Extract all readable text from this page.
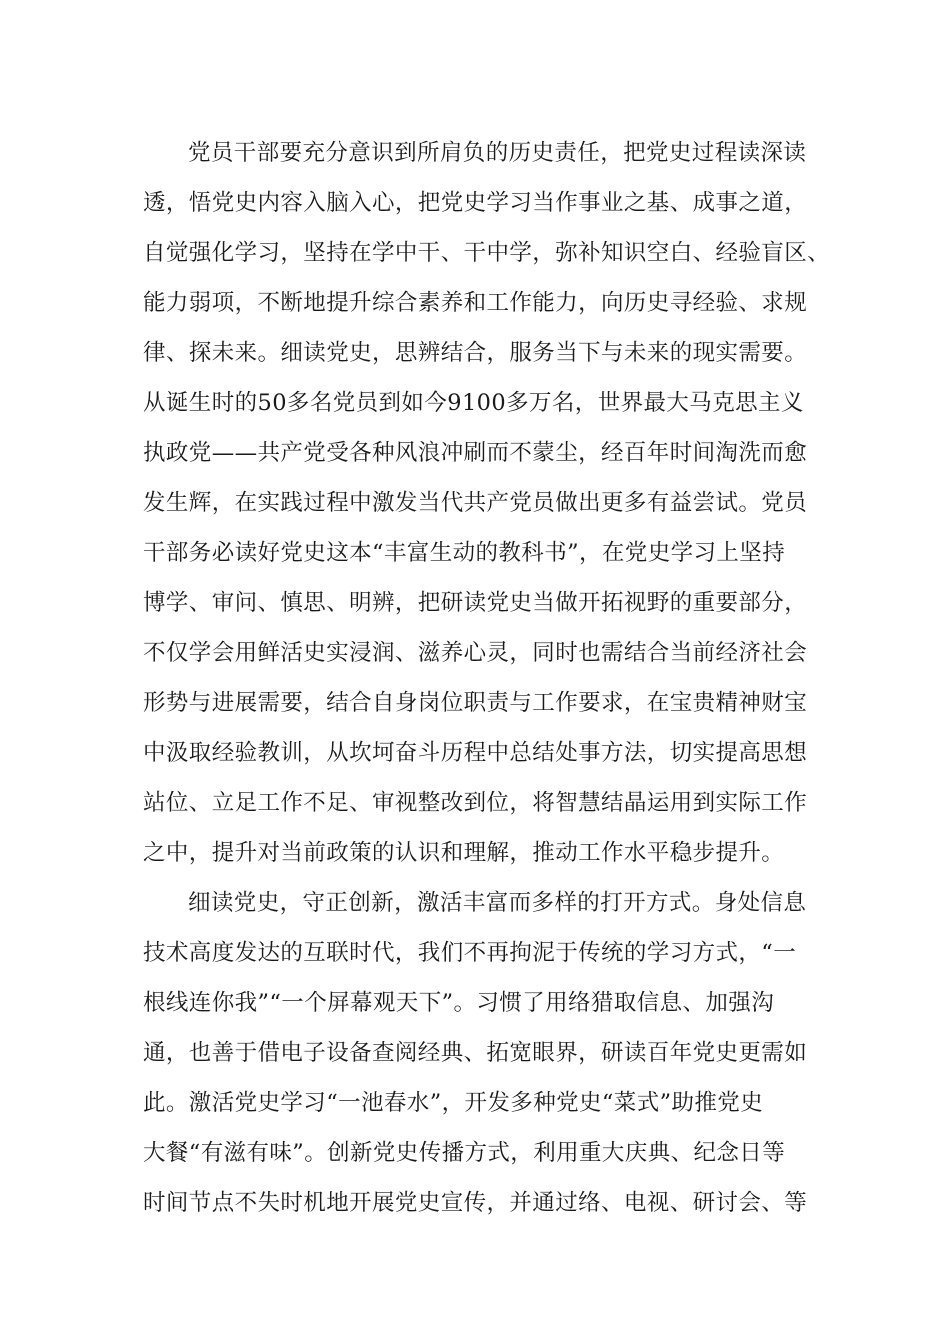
党员干部要充分意识到所肩负的历史责任，把党史过程读深读
透，悟党史内容入脑入心，把党史学习当作事业之基、成事之道，
自觉强化学习，坚持在学中干、干中学，弥补知识空白、经验盲区、
能力弱项，不断地提升综合素养和工作能力，向历史寻经验、求规
律、探未来。细读党史，思辨结合，服务当下与未来的现实需要。
从诞生时的50多名党员到如今9100多万名，世界最大马克思主义
执政党——共产党受各种风浪冲刷而不蒙尘，经百年时间淘洗而愈
发生辉，在实践过程中激发当代共产党员做出更多有益尝试。党员
干部务必读好党史这本“丰富生动的教科书”，在党史学习上坚持
博学、审问、慎思、明辨，把研读党史当做开拓视野的重要部分，
不仅学会用鲜活史实浸润、滋养心灵，同时也需结合当前经济社会
形势与进展需要，结合自身岗位职责与工作要求，在宝贵精神财宝
中汲取经验教训，从坎坷奋斗历程中总结处事方法，切实提高思想
站位、立足工作不足、审视整改到位，将智慧结晶运用到实际工作
之中，提升对当前政策的认识和理解，推动工作水平稳步提升。
细读党史，守正创新，激活丰富而多样的打开方式。身处信息
技术高度发达的互联时代，我们不再拘泥于传统的学习方式，“一
根线连你我”“一个屏幕观天下”。习惯了用络猎取信息、加强沟
通，也善于借电子设备查阅经典、拓宽眼界，研读百年党史更需如
此。激活党史学习“一池春水”，开发多种党史“菜式”助推党史
大餐“有滋有味”。创新党史传播方式，利用重大庆典、纪念日等
时间节点不失时机地开展党史宣传，并通过络、电视、研讨会、等
